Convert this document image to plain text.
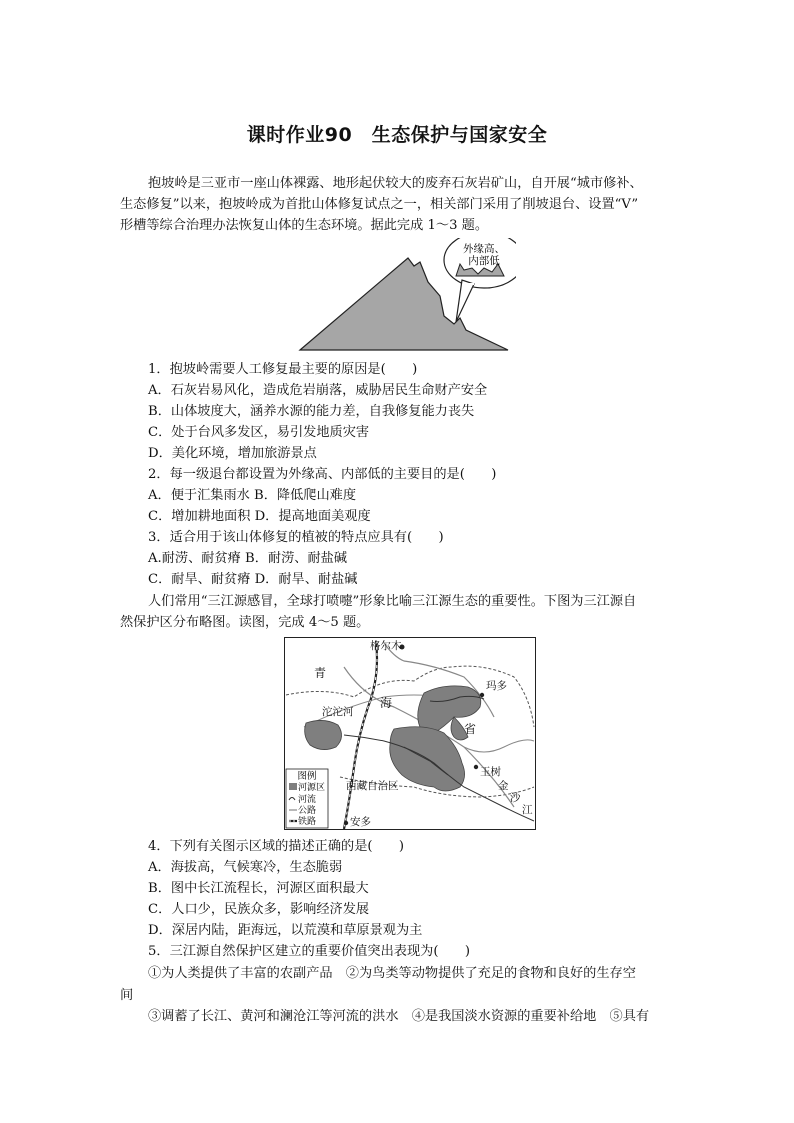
课时作业90　生态保护与国家安全
抱坡岭是三亚市一座山体裸露、地形起伏较大的废弃石灰岩矿山，自开展“城市修补、
生态修复”以来，抱坡岭成为首批山体修复试点之一，相关部门采用了削坡退台、设置“V”
形槽等综合治理办法恢复山体的生态环境。据此完成 1～3 题。
外缘高、
内部低
1．抱坡岭需要人工修复最主要的原因是(　　)
A．石灰岩易风化，造成危岩崩落，威胁居民生命财产安全
B．山体坡度大，涵养水源的能力差，自我修复能力丧失
C．处于台风多发区，易引发地质灾害
D．美化环境，增加旅游景点
2．每一级退台都设置为外缘高、内部低的主要目的是(　　)
A．便于汇集雨水 B．降低爬山难度
C．增加耕地面积 D．提高地面美观度
3．适合用于该山体修复的植被的特点应具有(　　)
A.耐涝、耐贫瘠 B．耐涝、耐盐碱
C．耐旱、耐贫瘠 D．耐旱、耐盐碱
人们常用“三江源感冒，全球打喷嚏”形象比喻三江源生态的重要性。下图为三江源自
然保护区分布略图。读图，完成 4～5 题。
格尔木
青
海
省
沱沱河
玛多
玉树
金
沙
江
西藏自治区
安多
图例
河源区
河流
公路
铁路
4．下列有关图示区域的描述正确的是(　　)
A．海拔高，气候寒冷，生态脆弱
B．图中长江流程长，河源区面积最大
C．人口少，民族众多，影响经济发展
D．深居内陆，距海远，以荒漠和草原景观为主
5．三江源自然保护区建立的重要价值突出表现为(　　)
①为人类提供了丰富的农副产品　②为鸟类等动物提供了充足的食物和良好的生存空
间
③调蓄了长江、黄河和澜沧江等河流的洪水　④是我国淡水资源的重要补给地　⑤具有
